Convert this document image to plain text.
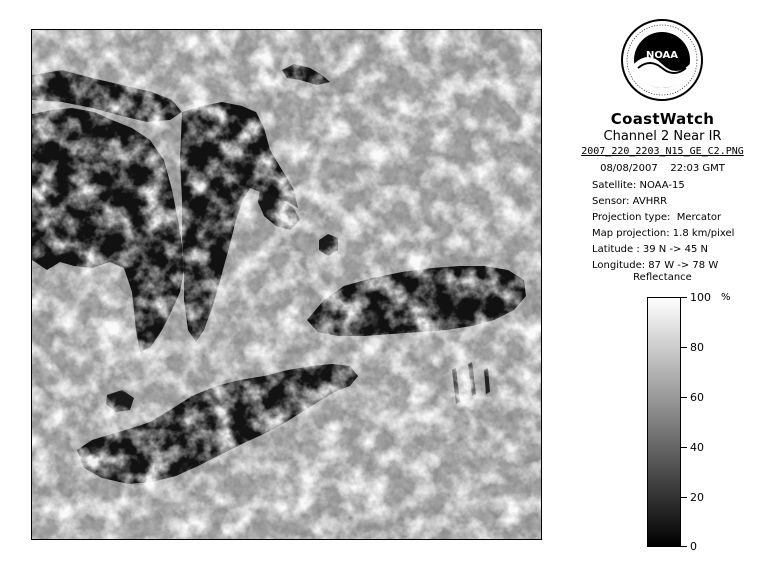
NOAA
CoastWatch
Channel 2 Near IR
2007_220_2203_N15_GE_C2.PNG
08/08/2007    22:03 GMT
Satellite: NOAA-15
Sensor: AVHRR
Projection type:  Mercator
Map projection: 1.8 km/pixel
Latitude : 39 N -> 45 N
Longitude: 87 W -> 78 W
Reflectance
%
100
80
60
40
20
0
